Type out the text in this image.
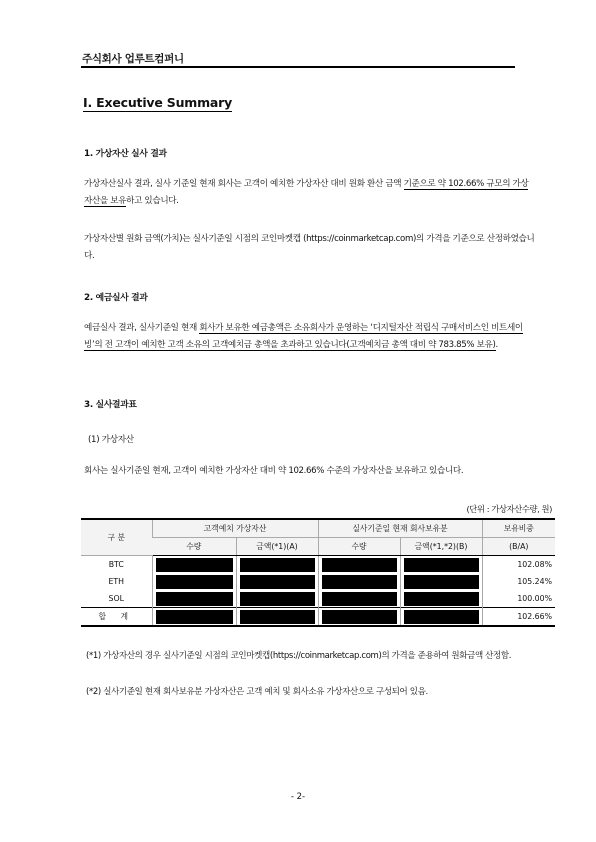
주식회사 업루트컴퍼니
Ⅰ. Executive Summary
1. 가상자산 실사 결과
가상자산실사 결과, 실사 기준일 현재 회사는 고객이 예치한 가상자산 대비 원화 환산 금액 기준으로 약 102.66% 규모의 가상자산을 보유하고 있습니다.
가상자산별 원화 금액(가치)는 실사기준일 시점의 코인마켓캡 (https://coinmarketcap.com)의 가격을 기준으로 산정하였습니다.
2. 예금실사 결과
예금실사 결과, 실사기준일 현재 회사가 보유한 예금총액은 소유회사가 운영하는 ‘디지털자산 적립식 구매서비스인 비트세이빙’의 전 고객이 예치한 고객 소유의 고객예치금 총액을 초과하고 있습니다(고객예치금 총액 대비 약 783.85% 보유).
3. 실사결과표
(1) 가상자산
회사는 실사기준일 현재, 고객이 예치한 가상자산 대비 약 102.66% 수준의 가상자산을 보유하고 있습니다.
(단위 : 가상자산수량, 원)
구 분	고객예치 가상자산		실사기준일 현재 회사보유분		보유비중
	수량	금액(*1)(A)	수량	금액(*1,*2)(B)	(B/A)
BTC					102.08%
ETH					105.24%
SOL					100.00%
합 계					102.66%
(*1) 가상자산의 경우 실사기준일 시점의 코인마켓캡(https://coinmarketcap.com)의 가격을 준용하여 원화금액 산정함.
(*2) 실사기준일 현재 회사보유분 가상자산은 고객 예치 및 회사소유 가상자산으로 구성되어 있음.
- 2-
